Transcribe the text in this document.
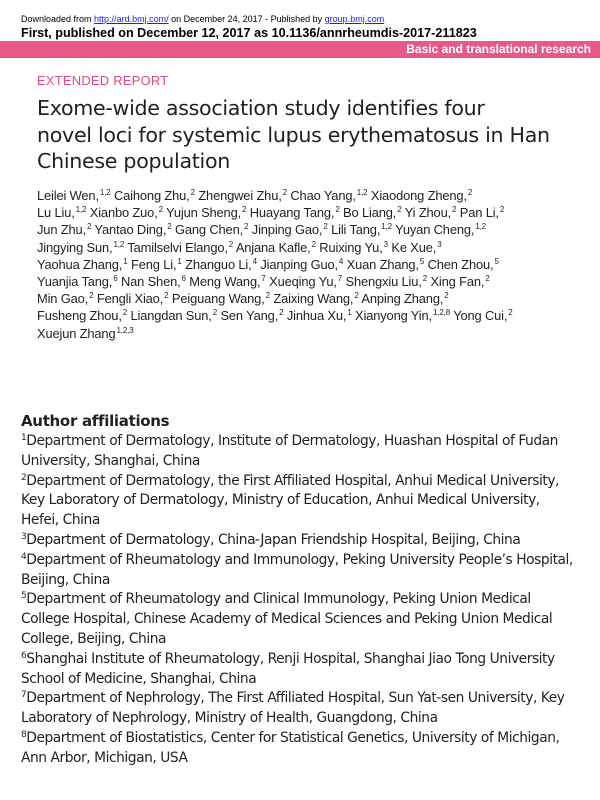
Downloaded from http://ard.bmj.com/ on December 24, 2017 - Published by group.bmj.com
First, published on December 12, 2017 as 10.1136/annrheumdis-2017-211823
Basic and translational research
EXTENDED REPORT
Exome-wide association study identifies four
novel loci for systemic lupus erythematosus in Han
Chinese population
Leilei Wen,$^{1,2}$ Caihong Zhu,$^2$ Zhengwei Zhu,$^2$ Chao Yang,$^{1,2}$ Xiaodong Zheng,$^2$
Lu Liu,$^{1,2}$ Xianbo Zuo,$^2$ Yujun Sheng,$^2$ Huayang Tang,$^2$ Bo Liang,$^2$ Yi Zhou,$^2$ Pan Li,$^2$
Jun Zhu,$^2$ Yantao Ding,$^2$ Gang Chen,$^2$ Jinping Gao,$^2$ Lili Tang,$^{1,2}$ Yuyan Cheng,$^{1,2}$
Jingying Sun,$^{1,2}$ Tamilselvi Elango,$^2$ Anjana Kafle,$^2$ Ruixing Yu,$^3$ Ke Xue,$^3$
Yaohua Zhang,$^1$ Feng Li,$^1$ Zhanguo Li,$^4$ Jianping Guo,$^4$ Xuan Zhang,$^5$ Chen Zhou,$^5$
Yuanjia Tang,$^6$ Nan Shen,$^6$ Meng Wang,$^7$ Xueqing Yu,$^7$ Shengxiu Liu,$^2$ Xing Fan,$^2$
Min Gao,$^2$ Fengli Xiao,$^2$ Peiguang Wang,$^2$ Zaixing Wang,$^2$ Anping Zhang,$^2$
Fusheng Zhou,$^2$ Liangdan Sun,$^2$ Sen Yang,$^2$ Jinhua Xu,$^1$ Xianyong Yin,$^{1,2,8}$ Yong Cui,$^2$
Xuejun Zhang$^{1,2,3}$
Author affiliations
$^1$Department of Dermatology, Institute of Dermatology, Huashan Hospital of Fudan
University, Shanghai, China
$^2$Department of Dermatology, the First Affiliated Hospital, Anhui Medical University,
Key Laboratory of Dermatology, Ministry of Education, Anhui Medical University,
Hefei, China
$^3$Department of Dermatology, China-Japan Friendship Hospital, Beijing, China
$^4$Department of Rheumatology and Immunology, Peking University People’s Hospital,
Beijing, China
$^5$Department of Rheumatology and Clinical Immunology, Peking Union Medical
College Hospital, Chinese Academy of Medical Sciences and Peking Union Medical
College, Beijing, China
$^6$Shanghai Institute of Rheumatology, Renji Hospital, Shanghai Jiao Tong University
School of Medicine, Shanghai, China
$^7$Department of Nephrology, The First Affiliated Hospital, Sun Yat-sen University, Key
Laboratory of Nephrology, Ministry of Health, Guangdong, China
$^8$Department of Biostatistics, Center for Statistical Genetics, University of Michigan,
Ann Arbor, Michigan, USA
